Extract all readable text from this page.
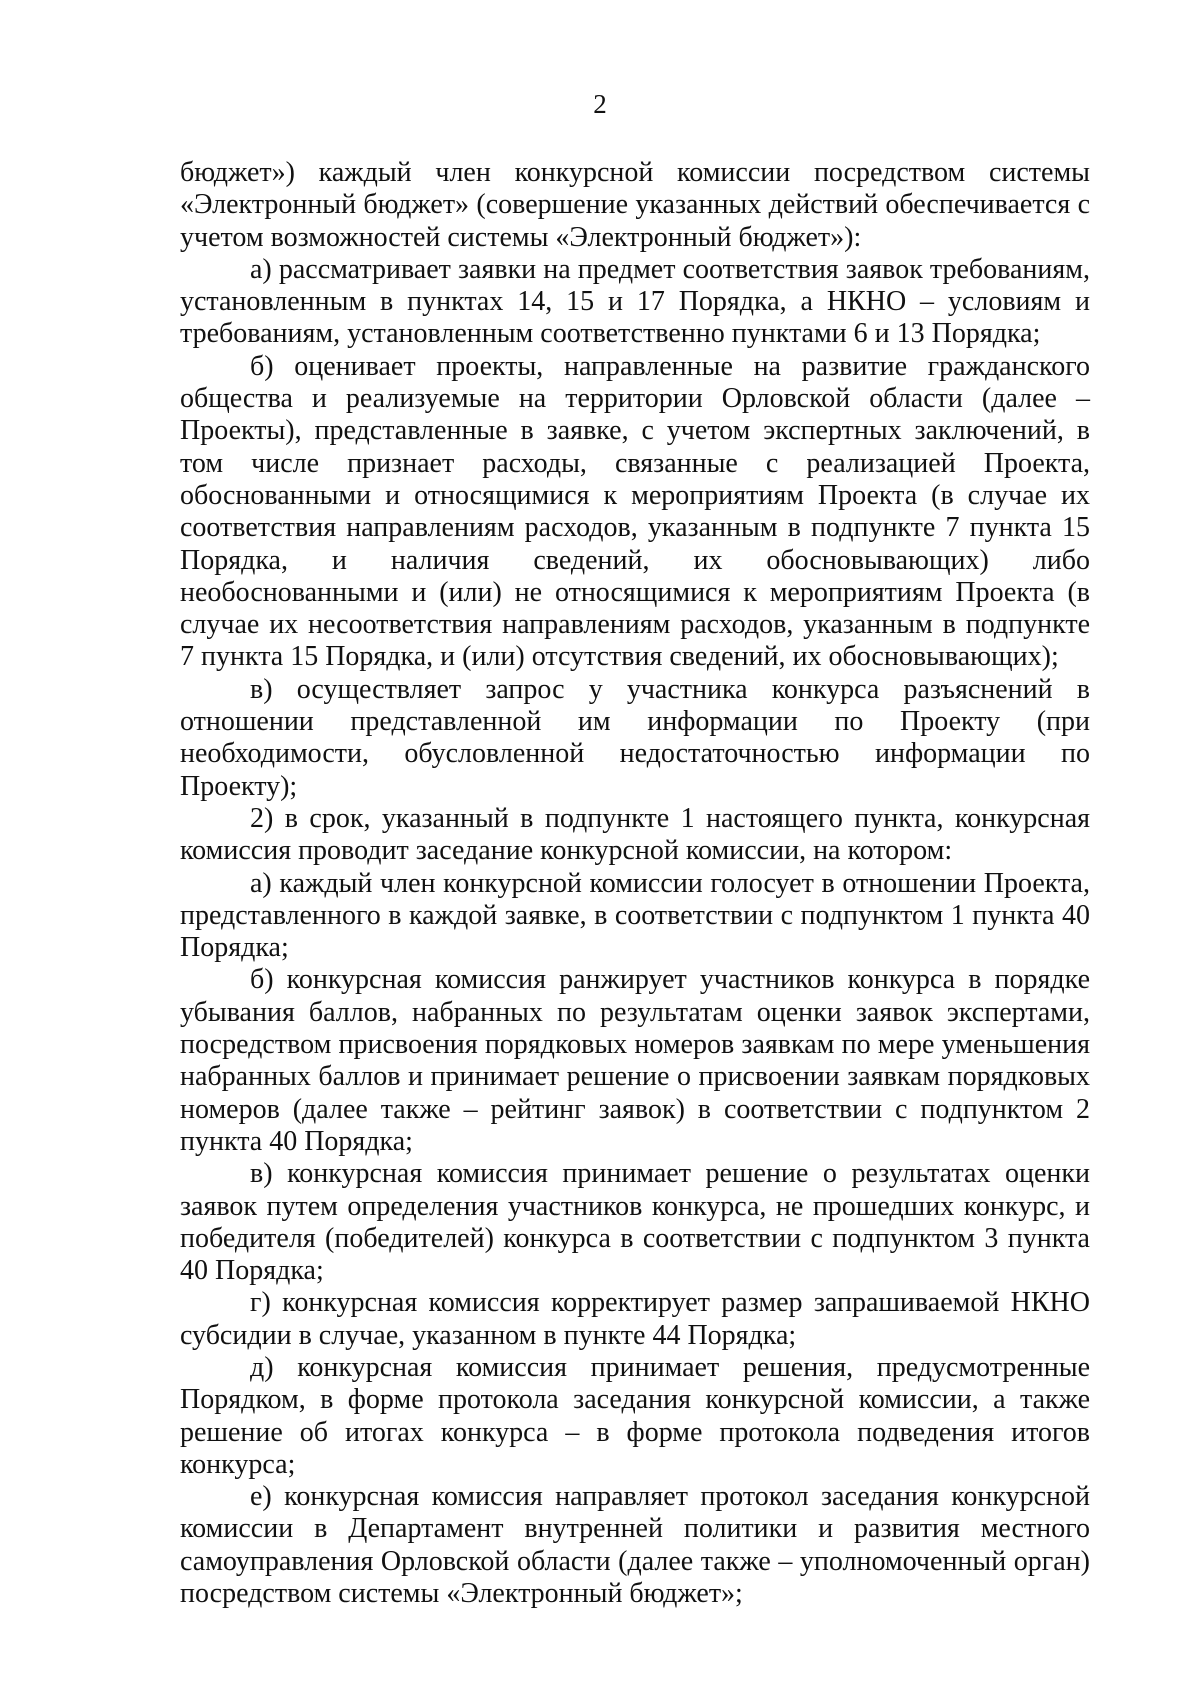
2

бюджет») каждый член конкурсной комиссии посредством системы «Электронный бюджет» (совершение указанных действий обеспечивается с учетом возможностей системы «Электронный бюджет»):

а) рассматривает заявки на предмет соответствия заявок требованиям, установленным в пунктах 14, 15 и 17 Порядка, а НКНО – условиям и требованиям, установленным соответственно пунктами 6 и 13 Порядка;

б) оценивает проекты, направленные на развитие гражданского общества и реализуемые на территории Орловской области (далее – Проекты), представленные в заявке, с учетом экспертных заключений, в том числе признает расходы, связанные с реализацией Проекта, обоснованными и относящимися к мероприятиям Проекта (в случае их соответствия направлениям расходов, указанным в подпункте 7 пункта 15 Порядка, и наличия сведений, их обосновывающих) либо необоснованными и (или) не относящимися к мероприятиям Проекта (в случае их несоответствия направлениям расходов, указанным в подпункте 7 пункта 15 Порядка, и (или) отсутствия сведений, их обосновывающих);

в) осуществляет запрос у участника конкурса разъяснений в отношении представленной им информации по Проекту (при необходимости, обусловленной недостаточностью информации по Проекту);

2) в срок, указанный в подпункте 1 настоящего пункта, конкурсная комиссия проводит заседание конкурсной комиссии, на котором:

а) каждый член конкурсной комиссии голосует в отношении Проекта, представленного в каждой заявке, в соответствии с подпунктом 1 пункта 40 Порядка;

б) конкурсная комиссия ранжирует участников конкурса в порядке убывания баллов, набранных по результатам оценки заявок экспертами, посредством присвоения порядковых номеров заявкам по мере уменьшения набранных баллов и принимает решение о присвоении заявкам порядковых номеров (далее также – рейтинг заявок) в соответствии с подпунктом 2 пункта 40 Порядка;

в) конкурсная комиссия принимает решение о результатах оценки заявок путем определения участников конкурса, не прошедших конкурс, и победителя (победителей) конкурса в соответствии с подпунктом 3 пункта 40 Порядка;

г) конкурсная комиссия корректирует размер запрашиваемой НКНО субсидии в случае, указанном в пункте 44 Порядка;

д) конкурсная комиссия принимает решения, предусмотренные Порядком, в форме протокола заседания конкурсной комиссии, а также решение об итогах конкурса – в форме протокола подведения итогов конкурса;

е) конкурсная комиссия направляет протокол заседания конкурсной комиссии в Департамент внутренней политики и развития местного самоуправления Орловской области (далее также – уполномоченный орган) посредством системы «Электронный бюджет»;
